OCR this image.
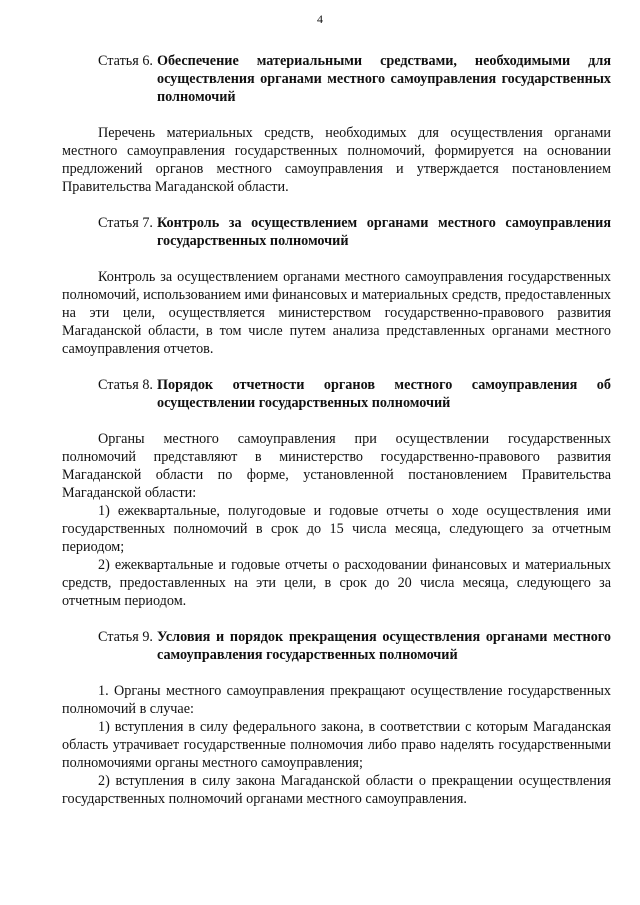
4
Статья 6. Обеспечение материальными средствами, необходимыми для осуществления органами местного самоуправления государственных полномочий

Перечень материальных средств, необходимых для осуществления органами местного самоуправления государственных полномочий, формируется на основании предложений органов местного самоуправления и утверждается постановлением Правительства Магаданской области.

Статья 7. Контроль за осуществлением органами местного самоуправления государственных полномочий

Контроль за осуществлением органами местного самоуправления государственных полномочий, использованием ими финансовых и материальных средств, предоставленных на эти цели, осуществляется министерством государственно-правового развития Магаданской области, в том числе путем анализа представленных органами местного самоуправления отчетов.

Статья 8. Порядок отчетности органов местного самоуправления об осуществлении государственных полномочий

Органы местного самоуправления при осуществлении государственных полномочий представляют в министерство государственно-правового развития Магаданской области по форме, установленной постановлением Правительства Магаданской области:

1) ежеквартальные, полугодовые и годовые отчеты о ходе осуществления ими государственных полномочий в срок до 15 числа месяца, следующего за отчетным периодом;

2) ежеквартальные и годовые отчеты о расходовании финансовых и материальных средств, предоставленных на эти цели, в срок до 20 числа месяца, следующего за отчетным периодом.

Статья 9. Условия и порядок прекращения осуществления органами местного самоуправления государственных полномочий

1. Органы местного самоуправления прекращают осуществление государственных полномочий в случае:

1) вступления в силу федерального закона, в соответствии с которым Магаданская область утрачивает государственные полномочия либо право наделять государственными полномочиями органы местного самоуправления;

2) вступления в силу закона Магаданской области о прекращении осуществления государственных полномочий органами местного самоуправления.
